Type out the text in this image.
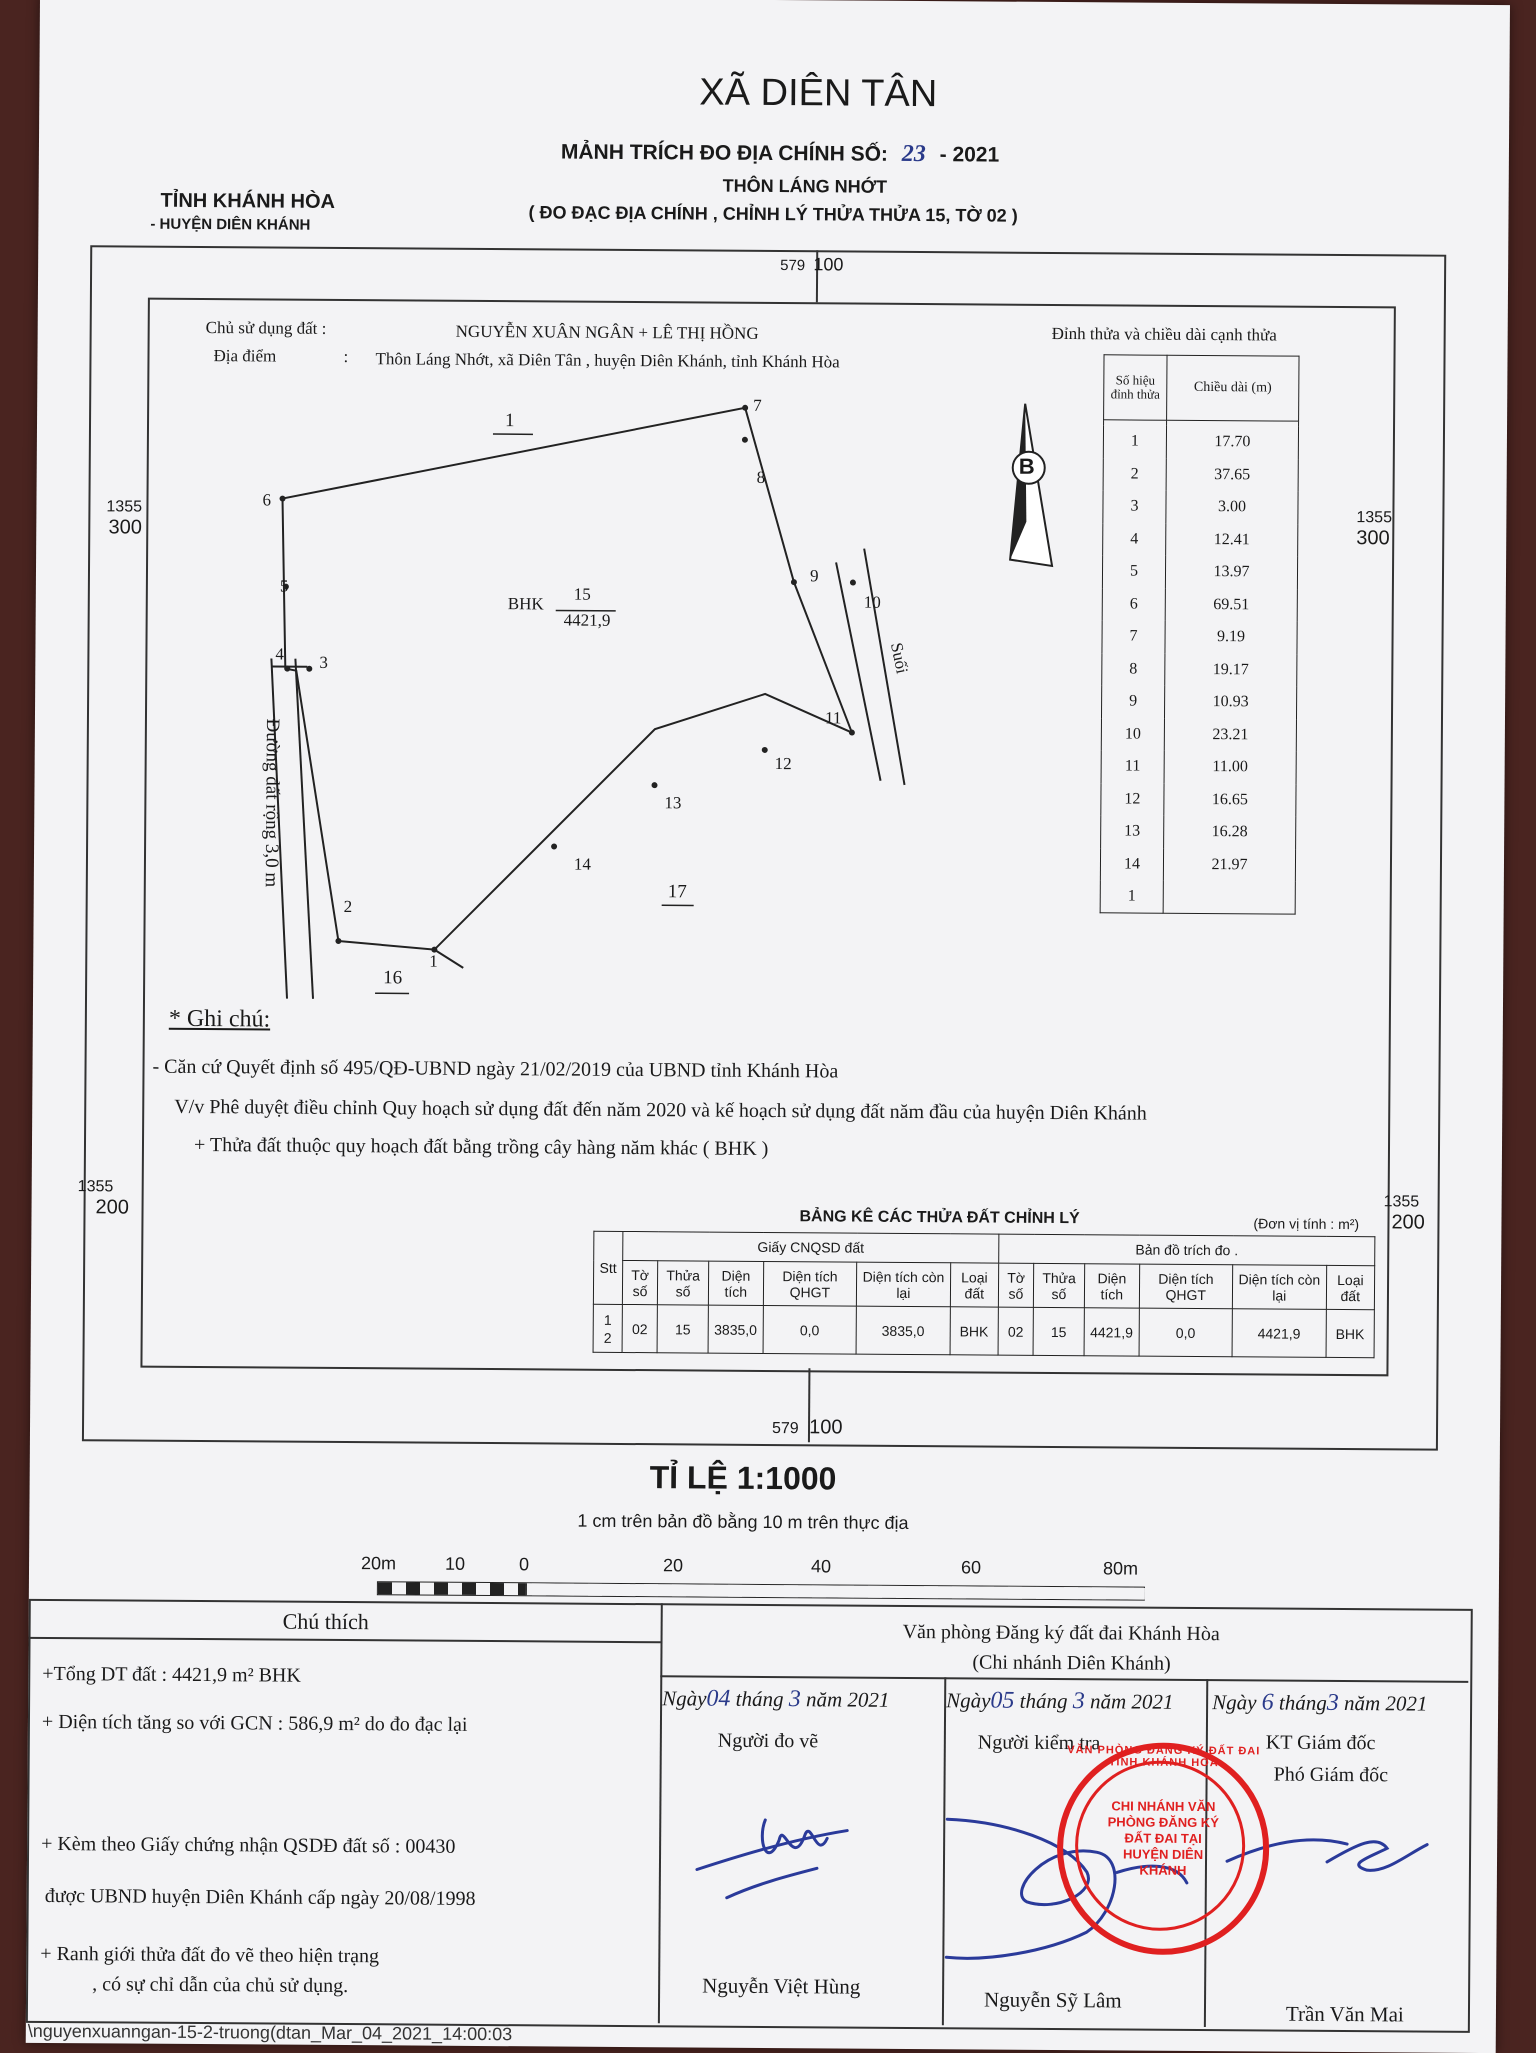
XÃ DIÊN TÂN
MẢNH TRÍCH ĐO ĐỊA CHÍNH SỐ: 23 - 2021
THÔN LÁNG NHỚT
( ĐO ĐẠC ĐỊA CHÍNH , CHỈNH LÝ THỬA THỬA 15, TỜ 02 )
TỈNH KHÁNH HÒA
- HUYỆN DIÊN KHÁNH
579 100
1355
300	1355
300
1355
200	1355
200
579 100
Chủ sử dụng đất :	NGUYỄN XUÂN NGÂN + LÊ THỊ HỒNG
Địa điểm	: Thôn Láng Nhớt, xã Diên Tân , huyện Diên Khánh, tỉnh Khánh Hòa
B
1
16
17
BHK 15
4421,9
Đường đất rộng 3,0 m
Suối
1
2
3
4
5
6
7
8
9
10
11
12
13
14
Đỉnh thửa và chiều dài cạnh thửa
Số hiệu đỉnh thửa	Chiều dài (m)

1	17.70
2	37.65
3	3.00
4	12.41
5	13.97
6	69.51
7	9.19
8	19.17
9	10.93
10	23.21
11	11.00
12	16.65
13	16.28
14	21.97
1	
* Ghi chú:
- Căn cứ Quyết định số 495/QĐ-UBND ngày 21/02/2019 của UBND tỉnh Khánh Hòa
V/v Phê duyệt điều chỉnh Quy hoạch sử dụng đất đến năm 2020 và kế hoạch sử dụng đất năm đầu của huyện Diên Khánh
+ Thửa đất thuộc quy hoạch đất bằng trồng cây hàng năm khác ( BHK )
BẢNG KÊ CÁC THỬA ĐẤT CHỈNH LÝ	(Đơn vị tính : m²)
Stt	Giấy CNQSD đất						Bản đồ trích đo .					
	Tờ số	Thửa số	Diện tích	Diện tích QHGT	Diện tích còn lại	Loại đất	Tờ số	Thửa số	Diện tích	Diện tích QHGT	Diện tích còn lại	Loại đất
1
2	02	15	3835,0	0,0	3835,0	BHK	02	15	4421,9	0,0	4421,9	BHK
TỈ LỆ 1:1000
1 cm trên bản đồ bằng 10 m trên thực địa
20m	10	0	20	40	60	80m
Chú thích
+Tổng DT đất : 4421,9 m² BHK
+ Diện tích tăng so với GCN : 586,9 m² do đo đạc lại
+ Kèm theo Giấy chứng nhận QSDĐ đất số : 00430
được UBND huyện Diên Khánh cấp ngày 20/08/1998
+ Ranh giới thửa đất đo vẽ theo hiện trạng
, có sự chỉ dẫn của chủ sử dụng.
Văn phòng Đăng ký đất đai Khánh Hòa
(Chi nhánh Diên Khánh)
Ngày04 tháng 3 năm 2021	Ngày05 tháng 3 năm 2021 Ngày 6 tháng3 năm 2021
Người đo vẽ	Người kiểm tra	KT Giám đốc
Phó Giám đốc
VĂN PHÒNG ĐĂNG KÝ ĐẤT ĐAI TỈNH KHÁNH HÒA
CHI NHÁNH VĂN PHÒNG ĐĂNG KÝ ĐẤT ĐAI TẠI HUYỆN DIÊN KHÁNH
Nguyễn Việt Hùng
Nguyễn Sỹ Lâm
Trần Văn Mai
\nguyenxuanngan-15-2-truong(dtan_Mar_04_2021_14:00:03
